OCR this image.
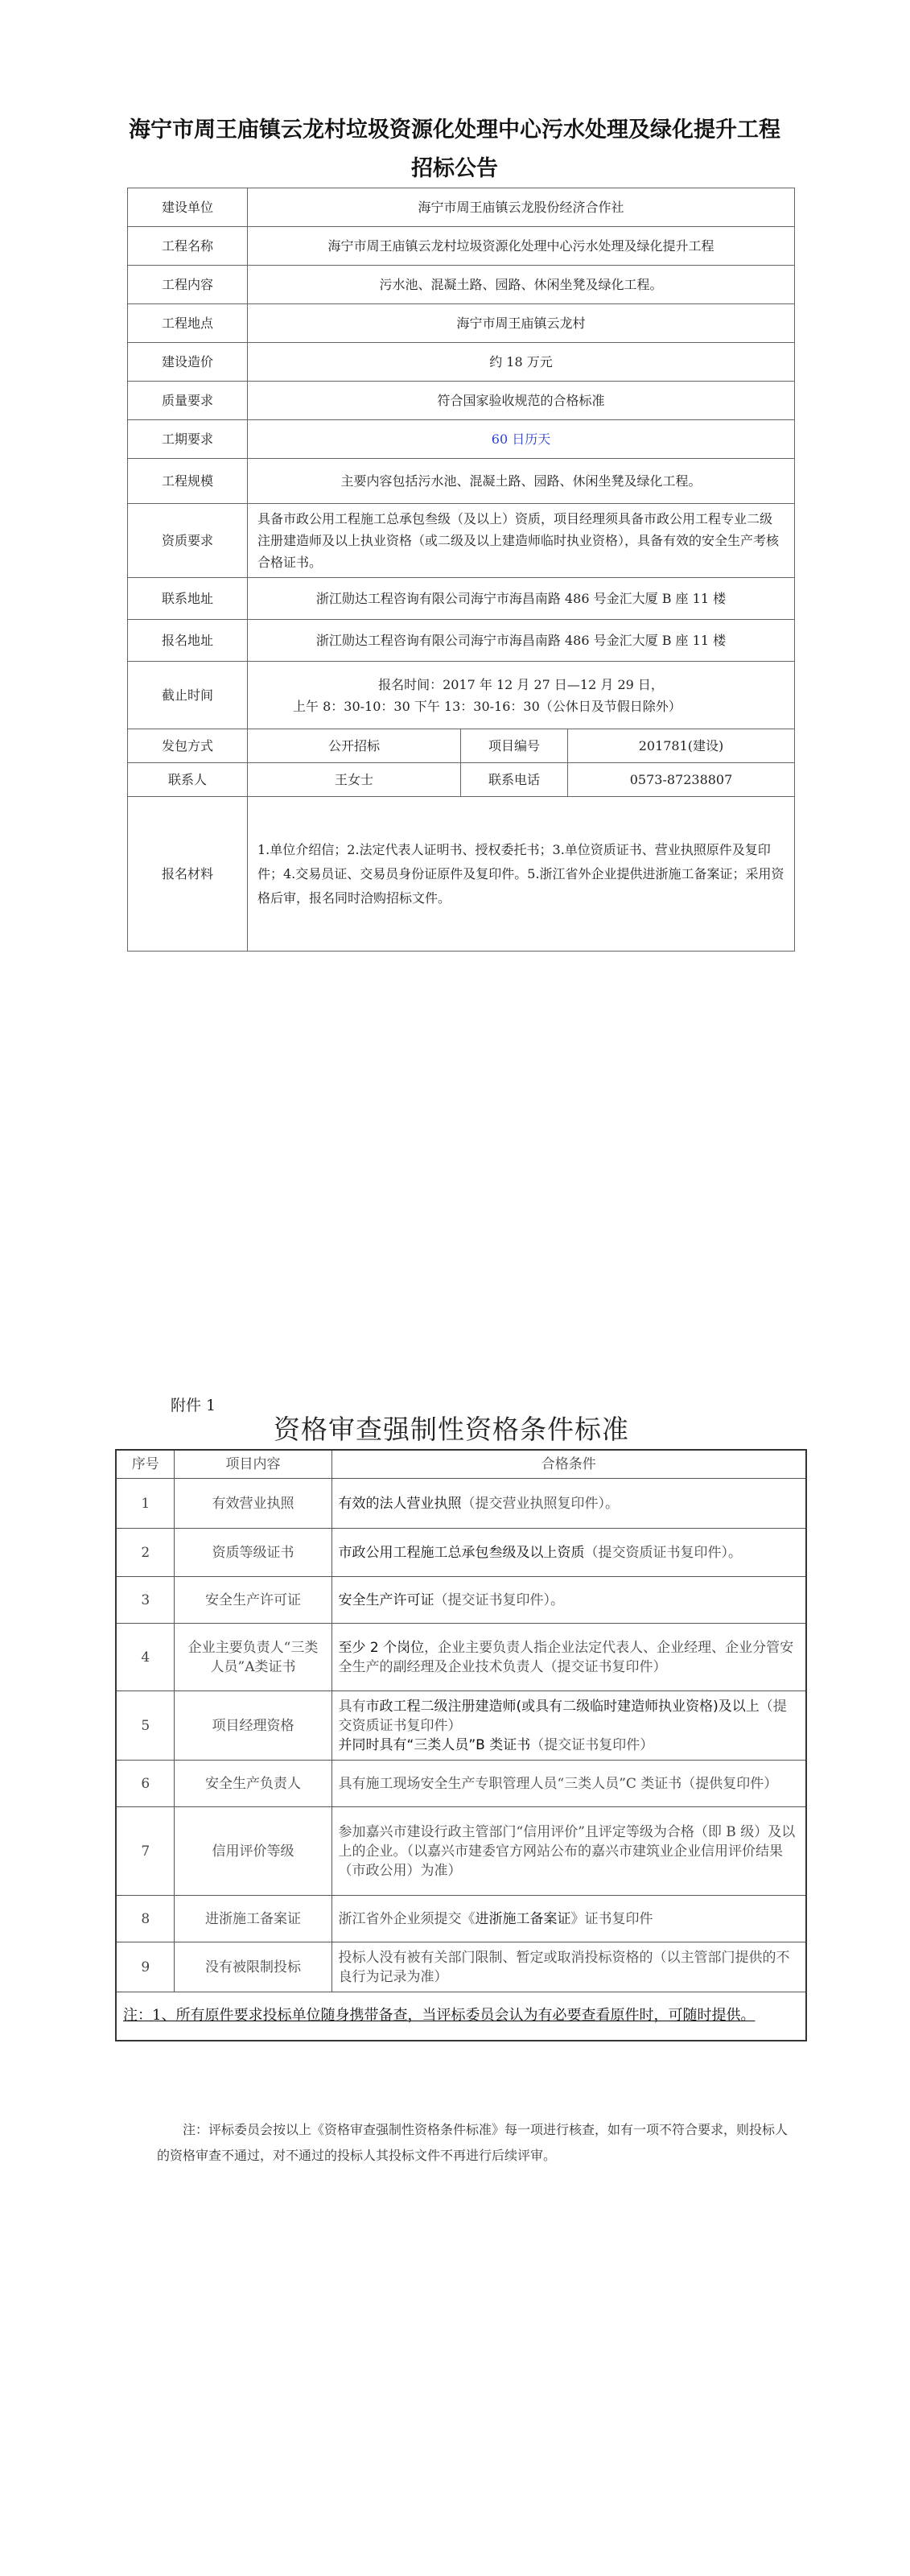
海宁市周王庙镇云龙村垃圾资源化处理中心污水处理及绿化提升工程招标公告
建设单位	海宁市周王庙镇云龙股份经济合作社		
工程名称	海宁市周王庙镇云龙村垃圾资源化处理中心污水处理及绿化提升工程		
工程内容	污水池、混凝土路、园路、休闲坐凳及绿化工程。		
工程地点	海宁市周王庙镇云龙村		
建设造价	约 18 万元		
质量要求	符合国家验收规范的合格标准		
工期要求	60 日历天		
工程规模	主要内容包括污水池、混凝土路、园路、休闲坐凳及绿化工程。		
资质要求	具备市政公用工程施工总承包叁级（及以上）资质，项目经理须具备市政公用工程专业二级注册建造师及以上执业资格（或二级及以上建造师临时执业资格），具备有效的安全生产考核合格证书。		
联系地址	浙江勋达工程咨询有限公司海宁市海昌南路 486 号金汇大厦 B 座 11 楼		
报名地址	浙江勋达工程咨询有限公司海宁市海昌南路 486 号金汇大厦 B 座 11 楼		
截止时间	报名时间：2017 年 12 月 27 日—12 月 29 日，
上午 8：30-10：30 下午 13：30-16：30（公休日及节假日除外）		

发包方式	公开招标	项目编号	201781(建设)
联系人	王女士	联系电话	0573-87238807
报名材料	1.单位介绍信；2.法定代表人证明书、授权委托书；3.单位资质证书、营业执照原件及复印件；4.交易员证、交易员身份证原件及复印件。5.浙江省外企业提供进浙施工备案证；采用资格后审，报名同时洽购招标文件。		
附件 1
资格审查强制性资格条件标准
序号	项目内容	合格条件
1	有效营业执照	有效的法人营业执照（提交营业执照复印件）。
2	资质等级证书	市政公用工程施工总承包叁级及以上资质（提交资质证书复印件）。
3	安全生产许可证	安全生产许可证（提交证书复印件）。
4	企业主要负责人“三类人员”A类证书	至少 2 个岗位，企业主要负责人指企业法定代表人、企业经理、企业分管安全生产的副经理及企业技术负责人（提交证书复印件）
5	项目经理资格	具有市政工程二级注册建造师(或具有二级临时建造师执业资格)及以上（提交资质证书复印件）
并同时具有“三类人员”B 类证书（提交证书复印件）
6	安全生产负责人	具有施工现场安全生产专职管理人员“三类人员”C 类证书（提供复印件）
7	信用评价等级	参加嘉兴市建设行政主管部门“信用评价”且评定等级为合格（即 B 级）及以上的企业。（以嘉兴市建委官方网站公布的嘉兴市建筑业企业信用评价结果（市政公用）为准）
8	进浙施工备案证	浙江省外企业须提交《进浙施工备案证》证书复印件
9	没有被限制投标	投标人没有被有关部门限制、暂定或取消投标资格的（以主管部门提供的不良行为记录为准）
注：1、所有原件要求投标单位随身携带备查，当评标委员会认为有必要查看原件时，可随时提供。		
注：评标委员会按以上《资格审查强制性资格条件标准》每一项进行核查，如有一项不符合要求，则投标人的资格审查不通过，对不通过的投标人其投标文件不再进行后续评审。
